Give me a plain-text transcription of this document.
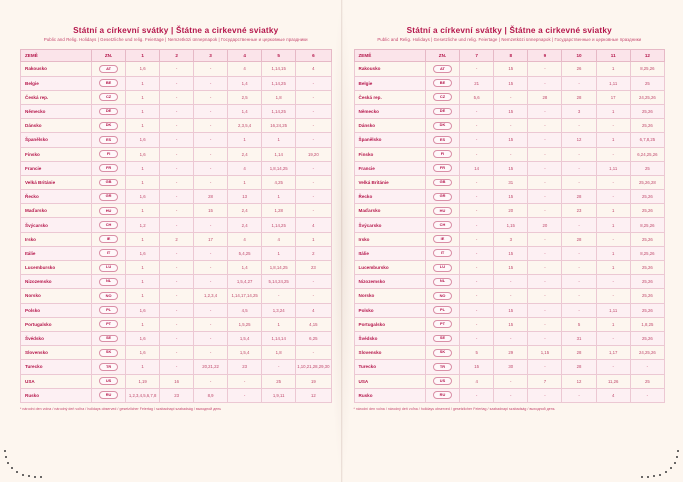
Státní a církevní svátky | Štátne a cirkevné sviatky
Public and Relig. Holidays | Gesetzliche und relig. Feiertage | Nemzetközi ünnepnapok | Государственные и церковные праздники
ZEMĚ	ZN.	1	2	3	4	5	6
Rakousko	AT	1,6	-	-	4	1,14,15	4
Belgie	BE	1	-	-	1,4	1,14,25	-
Česká rep.	CZ	1	-	-	2,5	1,8	-
Německo	DE	1	-	-	1,4	1,14,25	-
Dánsko	DK	1	-	-	2,3,5,4	16,24,25	-
Španělsko	ES	1,6	-	-	1	1	-
Finsko	FI	1,6	-	-	2,4	1,14	19,20
Francie	FR	1	-	-	4	1,8,14,25	-
Velká Británie	GB	1	-	-	1	4,25	-
Řecko	GR	1,6	-	28	13	1	-
Maďarsko	HU	1	-	15	2,4	1,28	-
Švýcarsko	CH	1,2	-	-	2,4	1,14,25	4
Irsko	IE	1	2	17	4	4	1
Itálie	IT	1,6	-	-	5,4,25	1	2
Lucembursko	LU	1	-	-	1,4	1,8,14,25	23
Nizozemsko	NL	1	-	-	1,5,4,27	5,14,24,25	-
Norsko	NO	1	-	1,2,3,4	1,14,17,14,25	-	-
Polsko	PL	1,6	-	-	4,5	1,3,24	4
Portugalsko	PT	1	-	-	1,5,25	1	4,15
Švédsko	SE	1,6	-	-	1,5,4	1,14,14	6,25
Slovensko	SK	1,6	-	-	1,5,4	1,8	-
Turecko	TR	1	-	20,21,22	23	-	1,10,21,28,29,30
USA	US	1,19	16	-	-	25	19
Rusko	RU	1,2,3,4,5,6,7,8	23	8,9	-	1,9,11	12
* národní den volna / národný deň voľna / holidays observed / gesetzlicher Feiertag / szabadnapi szabadság / выходной день
Státní a církevní svátky | Štátne a cirkevné sviatky
Public and Relig. Holidays | Gesetzliche und relig. Feiertage | Nemzetközi ünnepnapok | Государственные и церковные праздники
ZEMĚ	ZN.	7	8	9	10	11	12
Rakousko	AT	-	15	-	26	1	8,25,26
Belgie	BE	21	15	-	-	1,11	25
Česká rep.	CZ	5,6	-	28	28	17	24,25,26
Německo	DE	-	15	-	3	1	25,26
Dánsko	DK	-	-	-	-	-	25,26
Španělsko	ES	-	15	-	12	1	6,7,8,25
Finsko	FI	-	-	-	-	-	6,24,25,26
Francie	FR	14	15	-	-	1,11	25
Velká Británie	GB	-	31	-	-	-	25,26,28
Řecko	GR	-	15	-	28	-	25,26
Maďarsko	HU	-	20	-	23	1	25,26
Švýcarsko	CH	-	1,15	20	-	1	8,25,26
Irsko	IE	-	3	-	28	-	25,26
Itálie	IT	-	15	-	-	1	8,25,26
Lucembursko	LU	-	15	-	-	1	25,26
Nizozemsko	NL	-	-	-	-	-	25,26
Norsko	NO	-	-	-	-	-	25,26
Polsko	PL	-	15	-	-	1,11	25,26
Portugalsko	PT	-	15	-	5	1	1,8,25
Švédsko	SE	-	-	-	31	-	25,26
Slovensko	SK	5	29	1,15	28	1,17	24,25,26
Turecko	TR	15	30	-	28	-	-
USA	US	4	-	7	12	11,26	25
Rusko	RU	-	-	-	-	4	-
* národní den volna / národný deň voľna / holidays observed / gesetzlicher Feiertag / szabadnapi szabadság / выходной день
